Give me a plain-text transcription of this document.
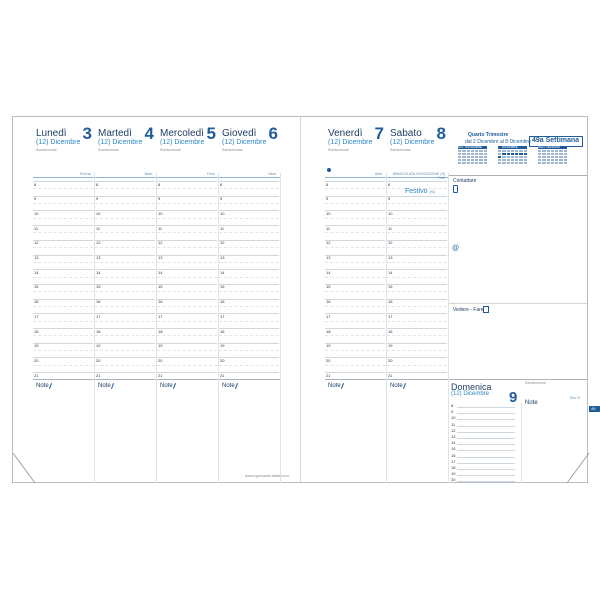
Lunedì
(12) Dicembre
Sorriso/nome
3
Prof.ss
8
9
10
11
12
13
14
15
16
17
18
19
20
21
Note
Martedì
(12) Dicembre
Sorriso/nome
4
Barb.
8
9
10
11
12
13
14
15
16
17
18
19
20
21
Note
Mercoledì
(12) Dicembre
Sorriso/nome
5
Frms
8
9
10
11
12
13
14
15
16
17
18
19
20
21
Note
Giovedì
(12) Dicembre
Sorriso/nome
6
Nicol.
8
9
10
11
12
13
14
15
16
17
18
19
20
21
Note
www.quovadis-italia.com
Venerdì
(12) Dicembre
Sorriso/nome
7
Amb.
8
9
10
11
12
13
14
15
16
17
18
19
20
21
Note
Sabato
(12) Dicembre
Sorriso/nome
8
IMMACOLATA CONCEZIONE (S)
8
9
10
11
12
13
14
15
16
17
18
19
20
21
Note
Festi
Quarto Trimestre
dal 2 Dicembre al 8 Dicembre 49a Settimana
DIC. NOVEMBRE	DICEMBRE	GEN. GENNAIO
Contattare
@
Vedere - Fare
Festivo (S)
Domenica
(12) Dicembre
Sorriso/nome
9	Siro Vi.
Note
8
9
10
11
12
13
14
15
16
17
18
19
20
49
